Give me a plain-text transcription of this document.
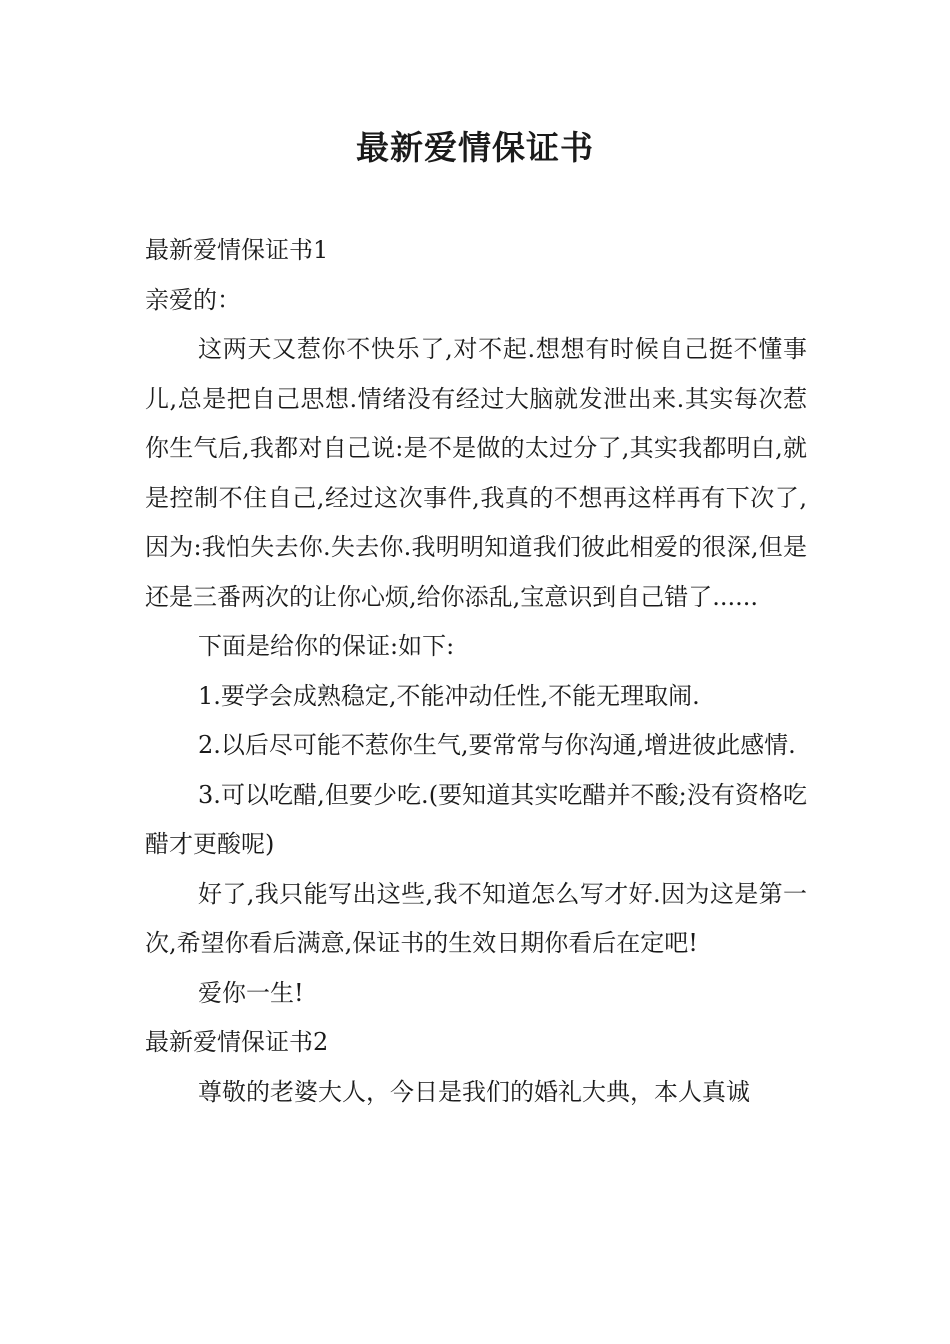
最新爱情保证书

最新爱情保证书1

亲爱的：

这两天又惹你不快乐了,对不起.想想有时候自己挺不懂事儿,总是把自己思想.情绪没有经过大脑就发泄出来.其实每次惹你生气后,我都对自己说:是不是做的太过分了,其实我都明白,就是控制不住自己,经过这次事件,我真的不想再这样再有下次了,因为:我怕失去你.失去你.我明明知道我们彼此相爱的很深,但是还是三番两次的让你心烦,给你添乱,宝意识到自己错了......

下面是给你的保证:如下:

1.要学会成熟稳定,不能冲动任性,不能无理取闹.

2.以后尽可能不惹你生气,要常常与你沟通,增进彼此感情.

3.可以吃醋,但要少吃.(要知道其实吃醋并不酸;没有资格吃醋才更酸呢)

好了,我只能写出这些,我不知道怎么写才好.因为这是第一次,希望你看后满意,保证书的生效日期你看后在定吧!

爱你一生!

最新爱情保证书2

尊敬的老婆大人，今日是我们的婚礼大典，本人真诚
